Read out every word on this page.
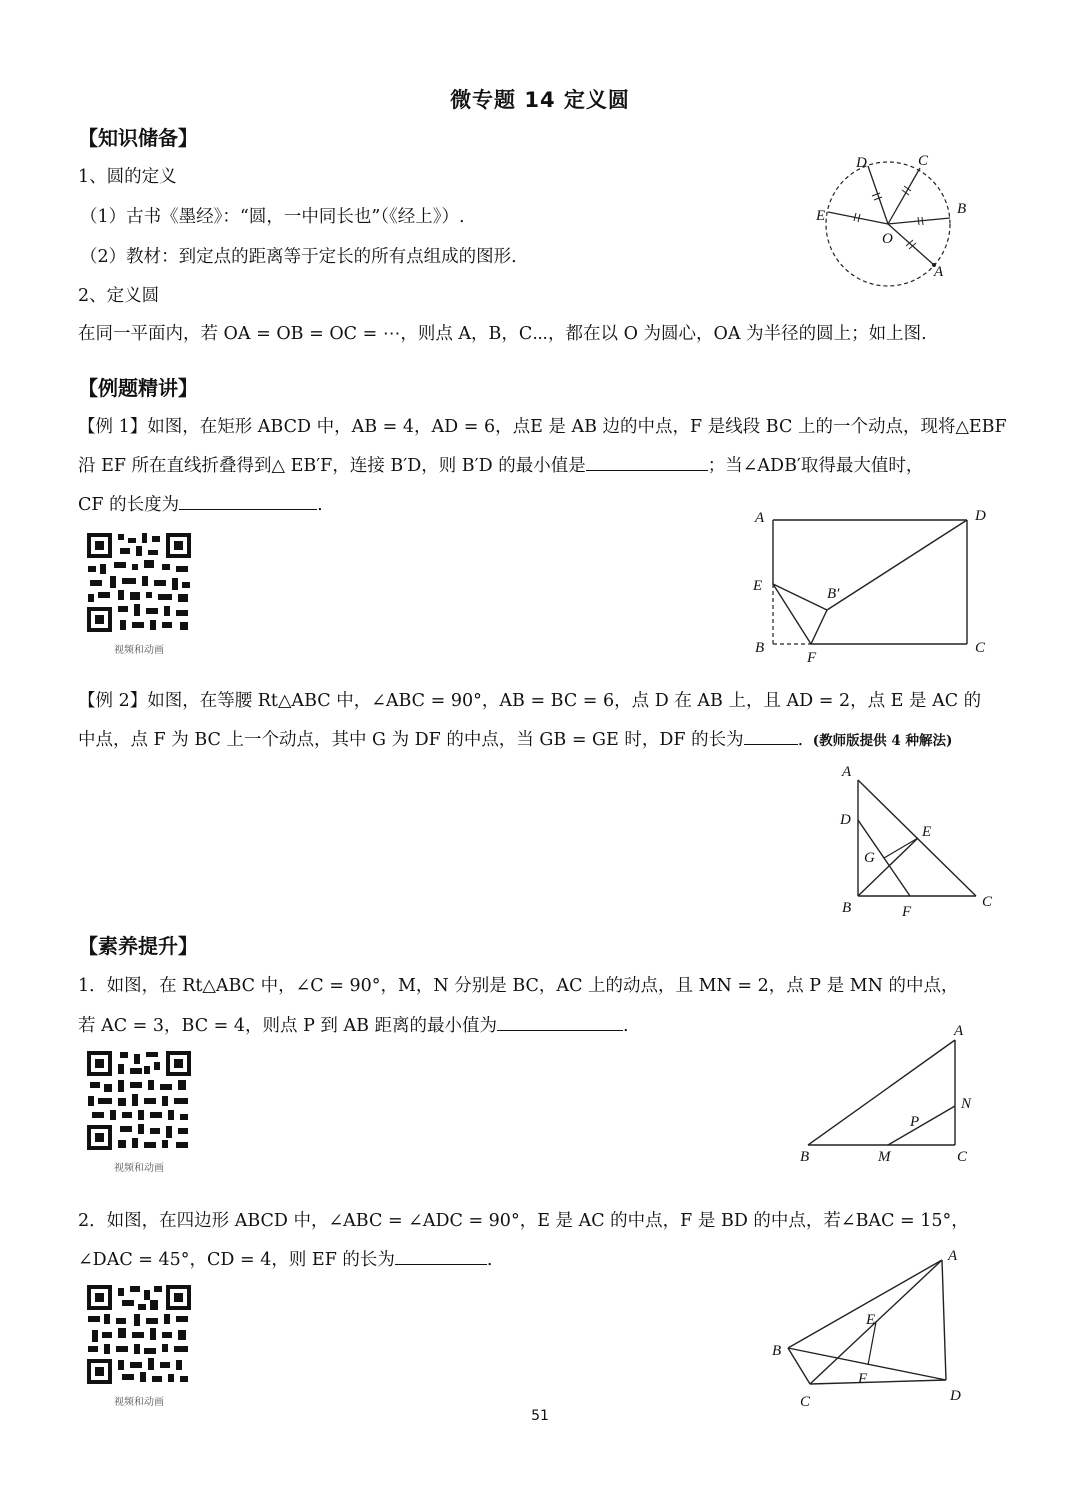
微专题 14 定义圆
【知识储备】
1、圆的定义
（1）古书《墨经》：“圆，一中同长也”（《经上》）.
（2）教材：到定点的距离等于定长的所有点组成的图形.
2、定义圆
在同一平面内，若 OA = OB = OC = ⋯，则点 A，B，C⋯，都在以 O 为圆心，OA 为半径的圆上；如上图.
D	C
E	B
O
A
【例题精讲】
【例 1】如图，在矩形 ABCD 中，AB = 4，AD = 6，点E 是 AB 边的中点，F 是线段 BC 上的一个动点，现将△EBF
沿 EF 所在直线折叠得到△ EB′F，连接 B′D，则 B′D 的最小值是	；当∠ADB′取得最大值时，
CF 的长度为	.
视频和动画
A	D
E	B′
B
F
C
【例 2】如图，在等腰 Rt△ABC 中，∠ABC = 90°，AB = BC = 6，点 D 在 AB 上，且 AD = 2，点 E 是 AC 的
中点，点 F 为 BC 上一个动点，其中 G 为 DF 的中点，当 GB = GE 时，DF 的长为	. (教师版提供 4 种解法)
A
D
E
G
B	F
C
【素养提升】
1．如图，在 Rt△ABC 中，∠C = 90°，M，N 分别是 BC，AC 上的动点，且 MN = 2，点 P 是 MN 的中点，
若 AC = 3，BC = 4，则点 P 到 AB 距离的最小值为	.
视频和动画
A
N
P
B	M	C
2．如图，在四边形 ABCD 中，∠ABC = ∠ADC = 90°，E 是 AC 的中点，F 是 BD 的中点，若∠BAC = 15°，
∠DAC = 45°，CD = 4，则 EF 的长为	.
视频和动画
A
E
B
F
C	D
51
